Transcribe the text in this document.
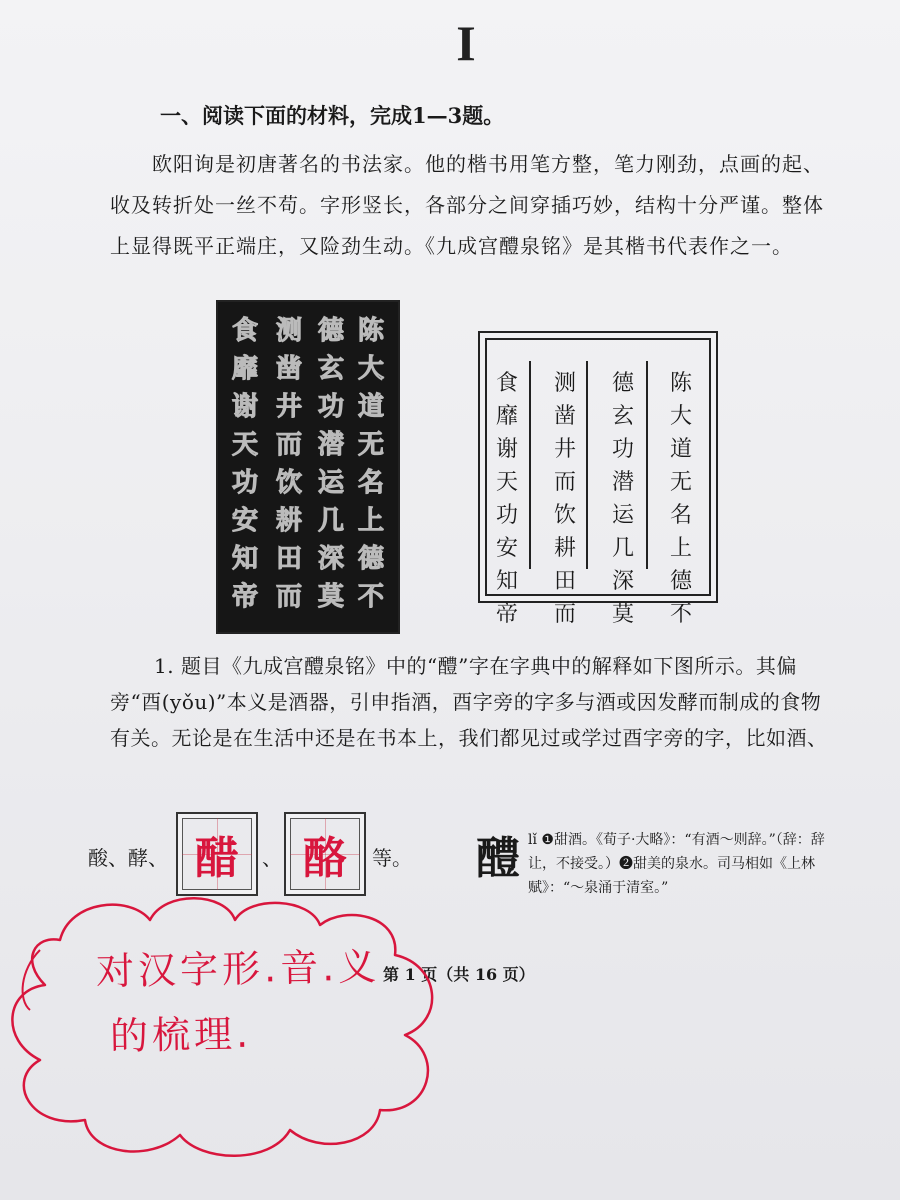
I
一、阅读下面的材料，完成1—3题。

欧阳询是初唐著名的书法家。他的楷书用笔方整，笔力刚劲，点画的起、收及转折处一丝不苟。字形竖长，各部分之间穿插巧妙，结构十分严谨。整体上显得既平正端庄，又险劲生动。《九成宫醴泉铭》是其楷书代表作之一。

陈
大
道
无
名
上
德
不
德
玄
功
潜
运
几
深
莫
测
凿
井
而
饮
耕
田
而
食
靡
谢
天
功
安
知
帝
陈
大
道
无
名
上
德
不
德
玄
功
潜
运
几
深
莫
测
凿
井
而
饮
耕
田
而
食
靡
谢
天
功
安
知
帝

1. 题目《九成宫醴泉铭》中的“醴”字在字典中的解释如下图所示。其偏旁“酉(yǒu)”本义是酒器，引申指酒，酉字旁的字多与酒或因发酵而制成的食物有关。无论是在生活中还是在书本上，我们都见过或学过酉字旁的字，比如酒、

酸、酵、 醋 、 酪 等。 醴 lǐ ❶甜酒。《荀子·大略》：“有酒～则辞。”（辞：辞让，不接受。）❷甜美的泉水。司马相如《上林赋》：“～泉涌于清室。”

第 1 页（共 16 页）
对汉字形.音.义
的梳理.
